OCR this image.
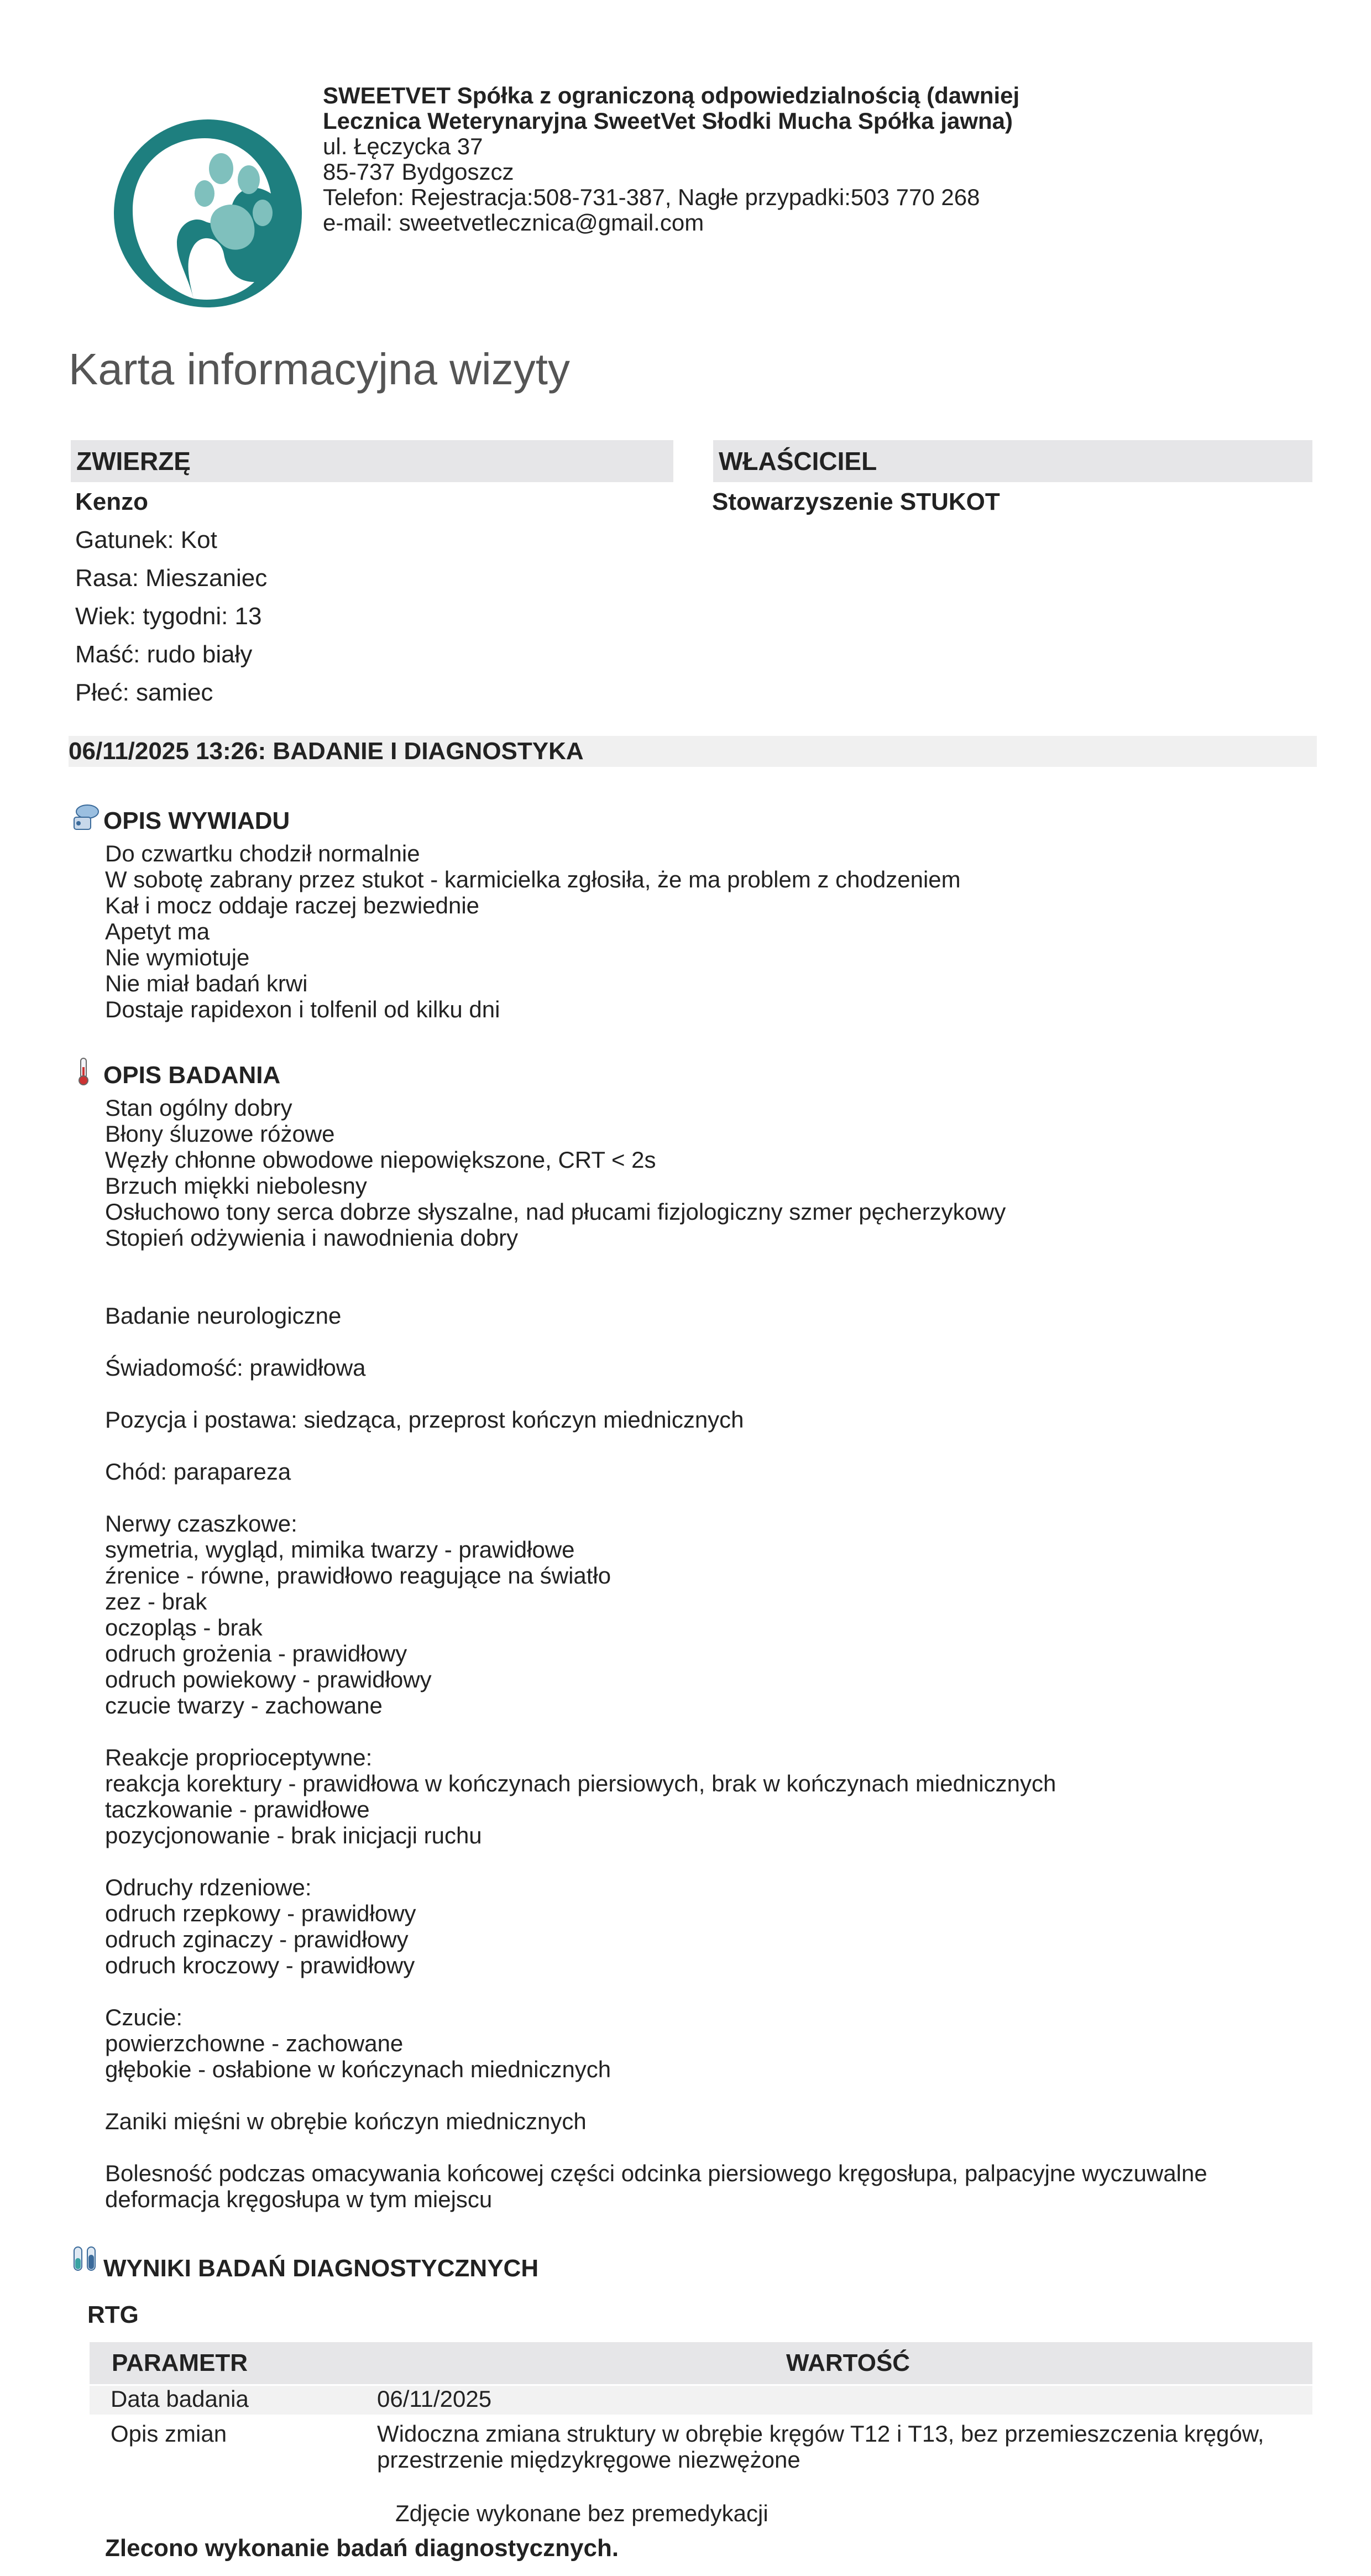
SWEETVET Spółka z ograniczoną odpowiedzialnością (dawniej
Lecznica Weterynaryjna SweetVet Słodki Mucha Spółka jawna)
ul. Łęczycka 37
85-737 Bydgoszcz
Telefon: Rejestracja:508-731-387, Nagłe przypadki:503 770 268
e-mail: sweetvetlecznica@gmail.com
Karta informacyjna wizyty
ZWIERZĘ
Kenzo
Gatunek: Kot
Rasa: Mieszaniec
Wiek: tygodni: 13
Maść: rudo biały
Płeć: samiec
WŁAŚCICIEL
Stowarzyszenie STUKOT
06/11/2025 13:26: BADANIE I DIAGNOSTYKA
OPIS WYWIADU
Do czwartku chodził normalnie
W sobotę zabrany przez stukot - karmicielka zgłosiła, że ma problem z chodzeniem
Kał i mocz oddaje raczej bezwiednie
Apetyt ma
Nie wymiotuje
Nie miał badań krwi
Dostaje rapidexon i tolfenil od kilku dni
OPIS BADANIA
Stan ogólny dobry
Błony śluzowe różowe
Węzły chłonne obwodowe niepowiększone, CRT < 2s
Brzuch miękki niebolesny
Osłuchowo tony serca dobrze słyszalne, nad płucami fizjologiczny szmer pęcherzykowy
Stopień odżywienia i nawodnienia dobry
Badanie neurologiczne
Świadomość: prawidłowa
Pozycja i postawa: siedząca, przeprost kończyn miednicznych
Chód: paraparezа
Nerwy czaszkowe:
symetria, wygląd, mimika twarzy - prawidłowe
źrenice - równe, prawidłowo reagujące na światło
zez - brak
oczopląs - brak
odruch grożenia - prawidłowy
odruch powiekowy - prawidłowy
czucie twarzy - zachowane
Reakcje proprioceptywne:
reakcja korektury - prawidłowa w kończynach piersiowych, brak w kończynach miednicznych
taczkowanie - prawidłowe
pozycjonowanie - brak inicjacji ruchu
Odruchy rdzeniowe:
odruch rzepkowy - prawidłowy
odruch zginaczy - prawidłowy
odruch kroczowy - prawidłowy
Czucie:
powierzchowne - zachowane
głębokie - osłabione w kończynach miednicznych
Zaniki mięśni w obrębie kończyn miednicznych
Bolesność podczas omacywania końcowej części odcinka piersiowego kręgosłupa, palpacyjne wyczuwalne
deformacja kręgosłupa w tym miejscu
WYNIKI BADAŃ DIAGNOSTYCZNYCH
RTG
PARAMETR	WARTOŚĆ
Data badania	06/11/2025
Opis zmian	Widoczna zmiana struktury w obrębie kręgów T12 i T13, bez przemieszczenia kręgów,
przestrzenie międzykręgowe niezwężone
Zdjęcie wykonane bez premedykacji
Zlecono wykonanie badań diagnostycznych.
